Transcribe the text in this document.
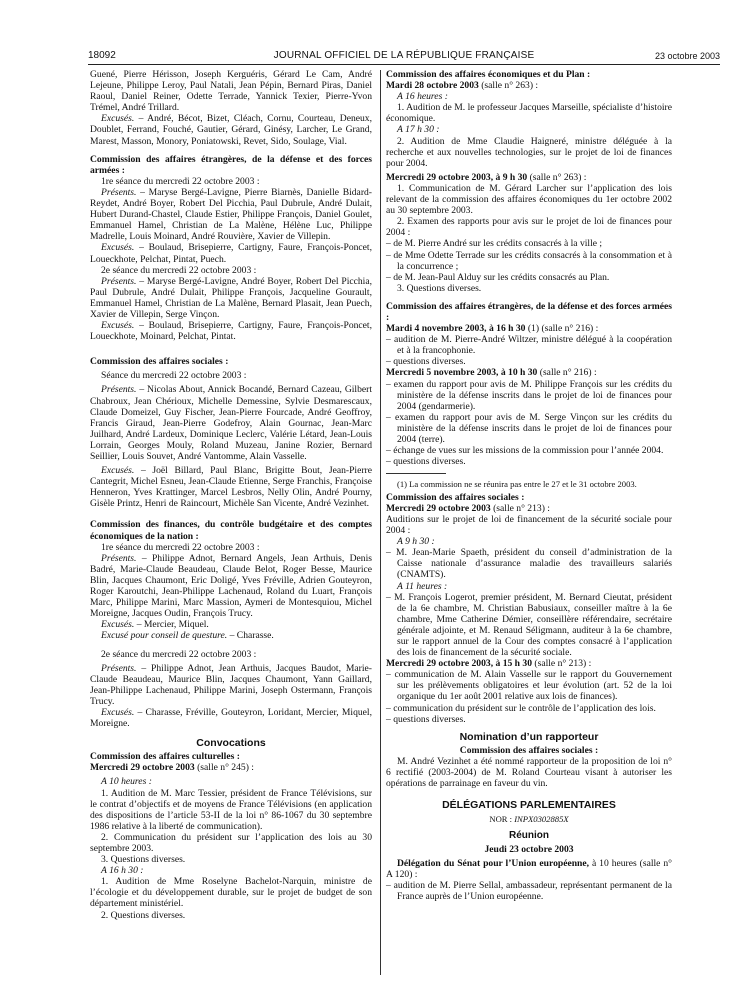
18092	JOURNAL OFFICIEL DE LA RÉPUBLIQUE FRANÇAISE	23 octobre 2003
Guené, Pierre Hérisson, Joseph Kerguéris, Gérard Le Cam, André Lejeune, Philippe Leroy, Paul Natali, Jean Pépin, Bernard Piras, Daniel Raoul, Daniel Reiner, Odette Terrade, Yannick Texier, Pierre-Yvon Trémel, André Trillard.
Excusés. – André, Bécot, Bizet, Cléach, Cornu, Courteau, Deneux, Doublet, Ferrand, Fouché, Gautier, Gérard, Ginésy, Larcher, Le Grand, Marest, Masson, Monory, Poniatowski, Revet, Sido, Soulage, Vial.
Commission des affaires étrangères, de la défense et des forces armées :
1re séance du mercredi 22 octobre 2003 :
Présents. – Maryse Bergé-Lavigne, Pierre Biarnès, Danielle Bidard-Reydet, André Boyer, Robert Del Picchia, Paul Dubrule, André Dulait, Hubert Durand-Chastel, Claude Estier, Philippe François, Daniel Goulet, Emmanuel Hamel, Christian de La Malène, Hélène Luc, Philippe Madrelle, Louis Moinard, André Rouvière, Xavier de Villepin.
Excusés. – Boulaud, Brisepierre, Cartigny, Faure, François-Poncet, Loueckhote, Pelchat, Pintat, Puech.
2e séance du mercredi 22 octobre 2003 :
Présents. – Maryse Bergé-Lavigne, André Boyer, Robert Del Picchia, Paul Dubrule, André Dulait, Philippe François, Jacqueline Gourault, Emmanuel Hamel, Christian de La Malène, Bernard Plasait, Jean Puech, Xavier de Villepin, Serge Vinçon.
Excusés. – Boulaud, Brisepierre, Cartigny, Faure, François-Poncet, Loueckhote, Moinard, Pelchat, Pintat.
Commission des affaires sociales :
Séance du mercredi 22 octobre 2003 :
Présents. – Nicolas About, Annick Bocandé, Bernard Cazeau, Gilbert Chabroux, Jean Chérioux, Michelle Demessine, Sylvie Desmarescaux, Claude Domeizel, Guy Fischer, Jean-Pierre Fourcade, André Geoffroy, Francis Giraud, Jean-Pierre Godefroy, Alain Gournac, Jean-Marc Juilhard, André Lardeux, Dominique Leclerc, Valérie Létard, Jean-Louis Lorrain, Georges Mouly, Roland Muzeau, Janine Rozier, Bernard Seillier, Louis Souvet, André Vantomme, Alain Vasselle.
Excusés. – Joël Billard, Paul Blanc, Brigitte Bout, Jean-Pierre Cantegrit, Michel Esneu, Jean-Claude Etienne, Serge Franchis, Françoise Henneron, Yves Krattinger, Marcel Lesbros, Nelly Olin, André Pourny, Gisèle Printz, Henri de Raincourt, Michèle San Vicente, André Vezinhet.
Commission des finances, du contrôle budgétaire et des comptes économiques de la nation :
1re séance du mercredi 22 octobre 2003 :
Présents. – Philippe Adnot, Bernard Angels, Jean Arthuis, Denis Badré, Marie-Claude Beaudeau, Claude Belot, Roger Besse, Maurice Blin, Jacques Chaumont, Eric Doligé, Yves Fréville, Adrien Gouteyron, Roger Karoutchi, Jean-Philippe Lachenaud, Roland du Luart, François Marc, Philippe Marini, Marc Massion, Aymeri de Montesquiou, Michel Moreigne, Jacques Oudin, François Trucy.
Excusés. – Mercier, Miquel.
Excusé pour conseil de questure. – Charasse.
2e séance du mercredi 22 octobre 2003 :
Présents. – Philippe Adnot, Jean Arthuis, Jacques Baudot, Marie-Claude Beaudeau, Maurice Blin, Jacques Chaumont, Yann Gaillard, Jean-Philippe Lachenaud, Philippe Marini, Joseph Ostermann, François Trucy.
Excusés. – Charasse, Fréville, Gouteyron, Loridant, Mercier, Miquel, Moreigne.
Convocations
Commission des affaires culturelles :
Mercredi 29 octobre 2003 (salle n° 245) :
A 10 heures :
1. Audition de M. Marc Tessier, président de France Télévisions, sur le contrat d’objectifs et de moyens de France Télévisions (en application des dispositions de l’article 53-II de la loi n° 86-1067 du 30 septembre 1986 relative à la liberté de communication).
2. Communication du président sur l’application des lois au 30 septembre 2003.
3. Questions diverses.
A 16 h 30 :
1. Audition de Mme Roselyne Bachelot-Narquin, ministre de l’écologie et du développement durable, sur le projet de budget de son département ministériel.
2. Questions diverses.
Commission des affaires économiques et du Plan :
Mardi 28 octobre 2003 (salle n° 263) :
A 16 heures :
1. Audition de M. le professeur Jacques Marseille, spécialiste d’histoire économique.
A 17 h 30 :
2. Audition de Mme Claudie Haigneré, ministre déléguée à la recherche et aux nouvelles technologies, sur le projet de loi de finances pour 2004.
Mercredi 29 octobre 2003, à 9 h 30 (salle n° 263) :
1. Communication de M. Gérard Larcher sur l’application des lois relevant de la commission des affaires économiques du 1er octobre 2002 au 30 septembre 2003.
2. Examen des rapports pour avis sur le projet de loi de finances pour 2004 :
– de M. Pierre André sur les crédits consacrés à la ville ;
– de Mme Odette Terrade sur les crédits consacrés à la consommation et à la concurrence ;
– de M. Jean-Paul Alduy sur les crédits consacrés au Plan.
3. Questions diverses.
Commission des affaires étrangères, de la défense et des forces armées :
Mardi 4 novembre 2003, à 16 h 30 (1) (salle n° 216) :
– audition de M. Pierre-André Wiltzer, ministre délégué à la coopération et à la francophonie.
– questions diverses.
Mercredi 5 novembre 2003, à 10 h 30 (salle n° 216) :
– examen du rapport pour avis de M. Philippe François sur les crédits du ministère de la défense inscrits dans le projet de loi de finances pour 2004 (gendarmerie).
– examen du rapport pour avis de M. Serge Vinçon sur les crédits du ministère de la défense inscrits dans le projet de loi de finances pour 2004 (terre).
– échange de vues sur les missions de la commission pour l’année 2004.
– questions diverses.
(1) La commission ne se réunira pas entre le 27 et le 31 octobre 2003.
Commission des affaires sociales :
Mercredi 29 octobre 2003 (salle n° 213) :
Auditions sur le projet de loi de financement de la sécurité sociale pour 2004 :
A 9 h 30 :
– M. Jean-Marie Spaeth, président du conseil d’administration de la Caisse nationale d’assurance maladie des travailleurs salariés (CNAMTS).
A 11 heures :
– M. François Logerot, premier président, M. Bernard Cieutat, président de la 6e chambre, M. Christian Babusiaux, conseiller maître à la 6e chambre, Mme Catherine Démier, conseillère référendaire, secrétaire générale adjointe, et M. Renaud Séligmann, auditeur à la 6e chambre, sur le rapport annuel de la Cour des comptes consacré à l’application des lois de financement de la sécurité sociale.
Mercredi 29 octobre 2003, à 15 h 30 (salle n° 213) :
– communication de M. Alain Vasselle sur le rapport du Gouvernement sur les prélèvements obligatoires et leur évolution (art. 52 de la loi organique du 1er août 2001 relative aux lois de finances).
– communication du président sur le contrôle de l’application des lois.
– questions diverses.
Nomination d’un rapporteur
Commission des affaires sociales :
M. André Vezinhet a été nommé rapporteur de la proposition de loi n° 6 rectifié (2003-2004) de M. Roland Courteau visant à autoriser les opérations de parrainage en faveur du vin.
DÉLÉGATIONS PARLEMENTAIRES
NOR : INPX0302885X
Réunion
Jeudi 23 octobre 2003
Délégation du Sénat pour l’Union européenne, à 10 heures (salle n° A 120) :
– audition de M. Pierre Sellal, ambassadeur, représentant permanent de la France auprès de l’Union européenne.
